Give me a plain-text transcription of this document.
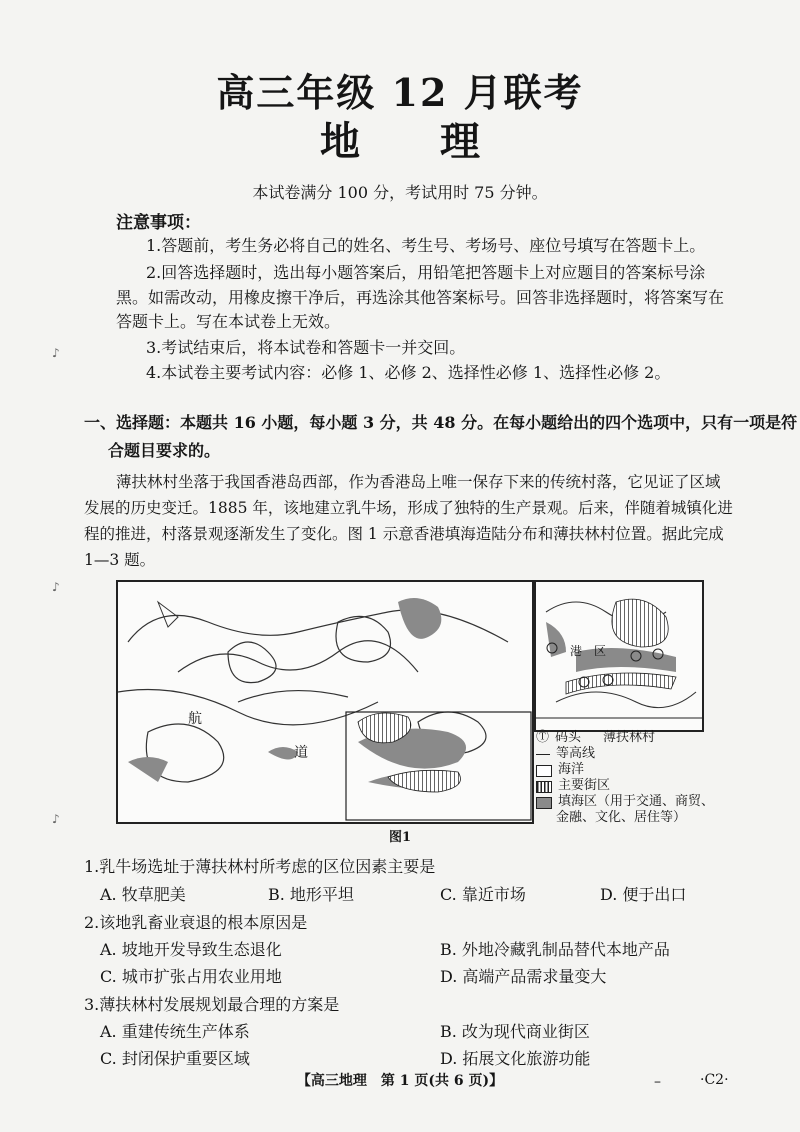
高三年级 12 月联考
地 理
本试卷满分 100 分，考试用时 75 分钟。
注意事项：
1.答题前，考生务必将自己的姓名、考生号、考场号、座位号填写在答题卡上。
2.回答选择题时，选出每小题答案后，用铅笔把答题卡上对应题目的答案标号涂
黑。如需改动，用橡皮擦干净后，再选涂其他答案标号。回答非选择题时，将答案写在
答题卡上。写在本试卷上无效。
3.考试结束后，将本试卷和答题卡一并交回。
4.本试卷主要考试内容：必修 1、必修 2、选择性必修 1、选择性必修 2。
♪
♪
♪
一、选择题：本题共 16 小题，每小题 3 分，共 48 分。在每小题给出的四个选项中，只有一项是符
合题目要求的。
薄扶林村坐落于我国香港岛西部，作为香港岛上唯一保存下来的传统村落，它见证了区域
发展的历史变迁。1885 年，该地建立乳牛场，形成了独特的生产景观。后来，伴随着城镇化进
程的推进，村落景观逐渐发生了变化。图 1 示意香港填海造陆分布和薄扶林村位置。据此完成
1—3 题。
航
道
港 区
Ⓣ 码头 薄扶林村
等高线
海洋
主要街区
填海区（用于交通、商贸、
金融、文化、居住等）
图1
1.乳牛场选址于薄扶林村所考虑的区位因素主要是
A. 牧草肥美	B. 地形平坦	C. 靠近市场	D. 便于出口
2.该地乳畜业衰退的根本原因是
A. 坡地开发导致生态退化	B. 外地冷藏乳制品替代本地产品
C. 城市扩张占用农业用地	D. 高端产品需求量变大
3.薄扶林村发展规划最合理的方案是
A. 重建传统生产体系	B. 改为现代商业街区
C. 封闭保护重要区域	D. 拓展文化旅游功能
【高三地理　第 1 页(共 6 页)】	–	·C2·
